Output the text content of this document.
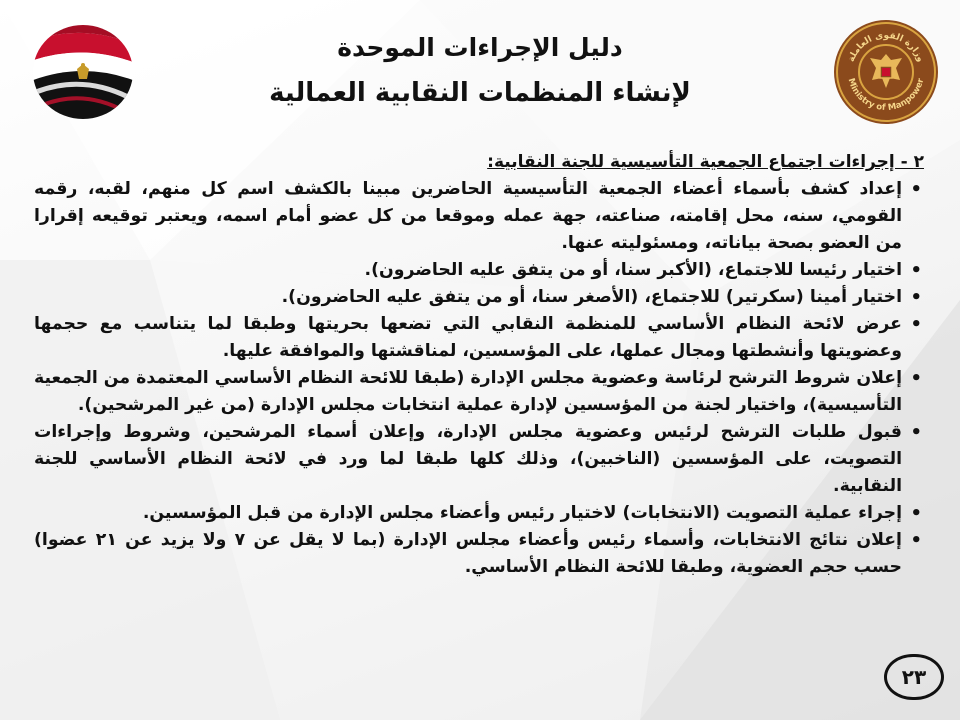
وزارة القوى العاملة
Ministry of Manpower
دليل الإجراءات الموحدة
لإنشاء المنظمات النقابية العمالية
٢ - إجراءات اجتماع الجمعية التأسيسية للجنة النقابية:
• إعداد كشف بأسماء أعضاء الجمعية التأسيسية الحاضرين مبينا بالكشف اسم كل منهم، لقبه، رقمه القومي، سنه، محل إقامته، صناعته، جهة عمله وموقعا من كل عضو أمام اسمه، ويعتبر توقيعه إقرارا من العضو بصحة بياناته، ومسئوليته عنها.
• اختيار رئيسا للاجتماع، (الأكبر سنا، أو من يتفق عليه الحاضرون).
• اختيار أمينا (سكرتير) للاجتماع، (الأصغر سنا، أو من يتفق عليه الحاضرون).
• عرض لائحة النظام الأساسي للمنظمة النقابي التي تضعها بحريتها وطبقا لما يتناسب مع حجمها وعضويتها وأنشطتها ومجال عملها، على المؤسسين، لمناقشتها والموافقة عليها.
• إعلان شروط الترشح لرئاسة وعضوية مجلس الإدارة (طبقا للائحة النظام الأساسي المعتمدة من الجمعية التأسيسية)، واختيار لجنة من المؤسسين لإدارة عملية انتخابات مجلس الإدارة (من غير المرشحين).
• قبول طلبات الترشح لرئيس وعضوية مجلس الإدارة، وإعلان أسماء المرشحين، وشروط وإجراءات التصويت، على المؤسسين (الناخبين)، وذلك كلها طبقا لما ورد في لائحة النظام الأساسي للجنة النقابية.
• إجراء عملية التصويت (الانتخابات) لاختيار رئيس وأعضاء مجلس الإدارة من قبل المؤسسين.
• إعلان نتائج الانتخابات، وأسماء رئيس وأعضاء مجلس الإدارة (بما لا يقل عن ٧ ولا يزيد عن ٢١ عضوا) حسب حجم العضوية، وطبقا للائحة النظام الأساسي.
٢٣
